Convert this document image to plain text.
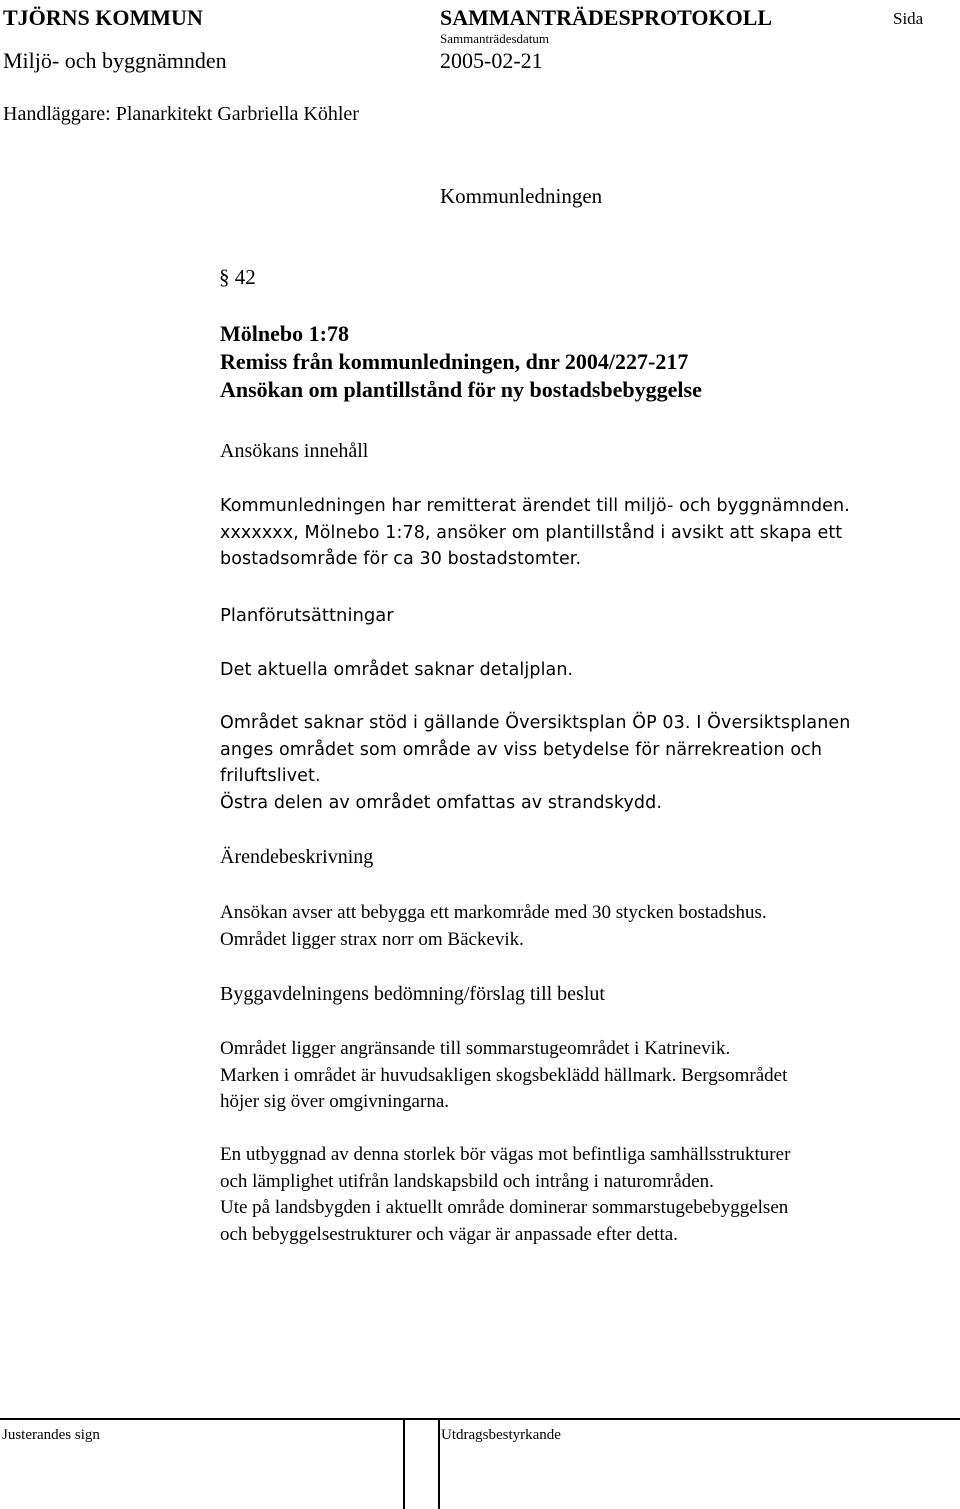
TJÖRNS KOMMUN	SAMMANTRÄDESPROTOKOLL	Sida
Sammanträdesdatum
Miljö- och byggnämnden	2005-02-21
Handläggare: Planarkitekt Garbriella Köhler
Kommunledningen
§ 42
Mölnebo 1:78
Remiss från kommunledningen, dnr 2004/227-217
Ansökan om plantillstånd för ny bostadsbebyggelse
Ansökans innehåll
Kommunledningen har remitterat ärendet till miljö- och byggnämnden.
xxxxxxx, Mölnebo 1:78, ansöker om plantillstånd i avsikt att skapa ett
bostadsområde för ca 30 bostadstomter.
Planförutsättningar
Det aktuella området saknar detaljplan.
Området saknar stöd i gällande Översiktsplan ÖP 03. I Översiktsplanen
anges området som område av viss betydelse för närrekreation och
friluftslivet.
Östra delen av området omfattas av strandskydd.
Ärendebeskrivning
Ansökan avser att bebygga ett markområde med 30 stycken bostadshus.
Området ligger strax norr om Bäckevik.
Byggavdelningens bedömning/förslag till beslut
Området ligger angränsande till sommarstugeområdet i Katrinevik.
Marken i området är huvudsakligen skogsbeklädd hällmark. Bergsområdet
höjer sig över omgivningarna.
En utbyggnad av denna storlek bör vägas mot befintliga samhällsstrukturer
och lämplighet utifrån landskapsbild och intrång i naturområden.
Ute på landsbygden i aktuellt område dominerar sommarstugebebyggelsen
och bebyggelsestrukturer och vägar är anpassade efter detta.
Justerandes sign	Utdragsbestyrkande
